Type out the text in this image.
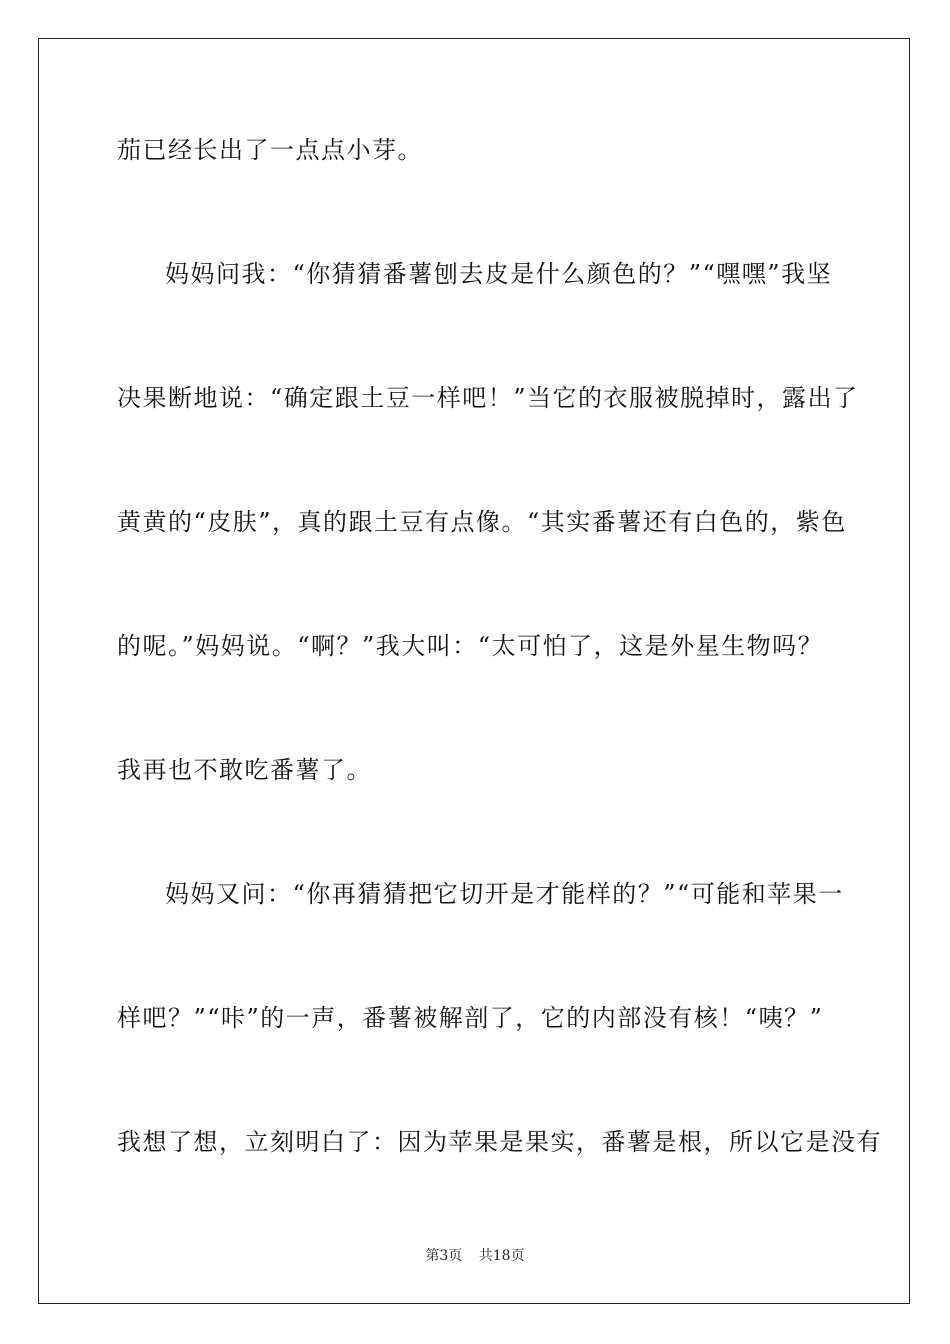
茄已经长出了一点点小芽。
妈妈问我：“你猜猜番薯刨去皮是什么颜色的？”“嘿嘿”我坚
决果断地说：“确定跟土豆一样吧！”当它的衣服被脱掉时，露出了
黄黄的“皮肤”，真的跟土豆有点像。“其实番薯还有白色的，紫色
的呢。”妈妈说。“啊？”我大叫：“太可怕了，这是外星生物吗？
我再也不敢吃番薯了。
妈妈又问：“你再猜猜把它切开是才能样的？”“可能和苹果一
样吧？”“咔”的一声，番薯被解剖了，它的内部没有核！“咦？”
我想了想，立刻明白了：因为苹果是果实，番薯是根，所以它是没有
第3页 共18页
